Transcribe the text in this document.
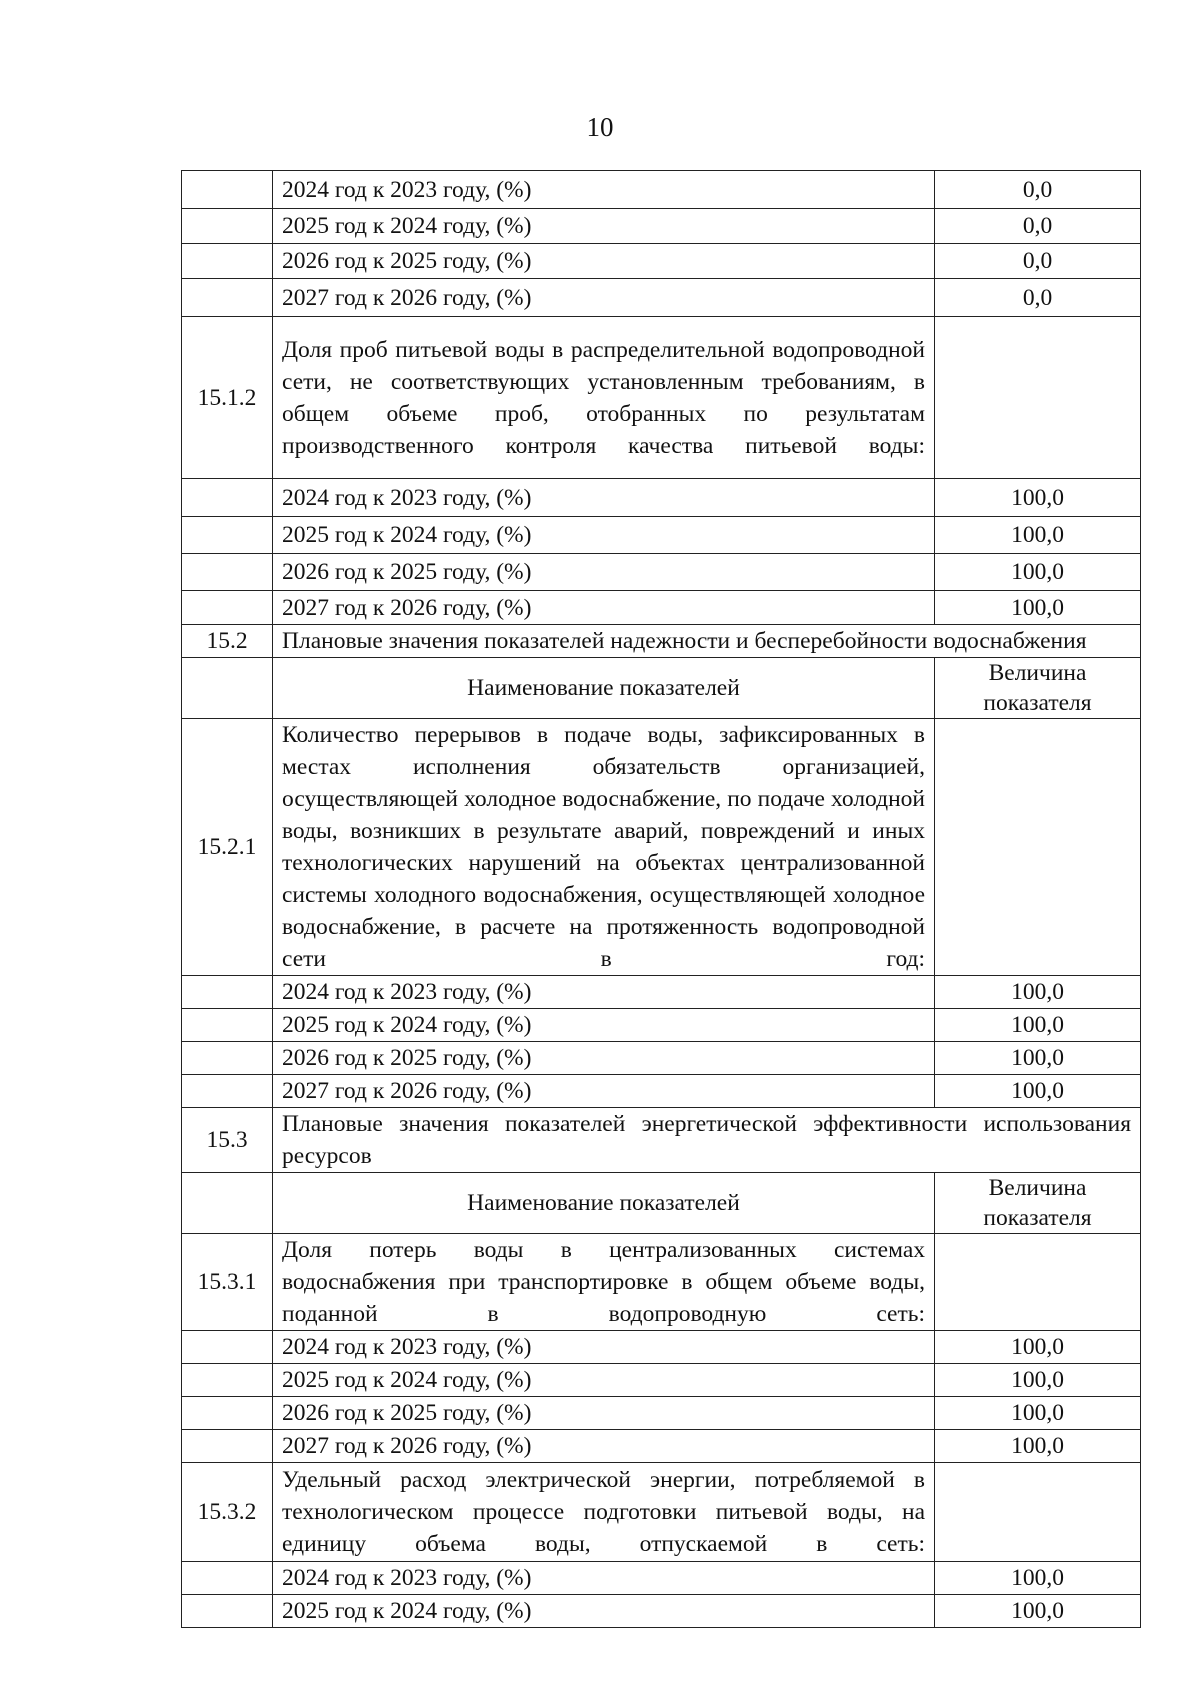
10
	2024 год к 2023 году, (%)	0,0
	2025 год к 2024 году, (%)	0,0
	2026 год к 2025 году, (%)	0,0
	2027 год к 2026 году, (%)	0,0
15.1.2	Доля проб питьевой воды в распределительной водопроводной сети, не соответствующих установленным требованиям, в общем объеме проб, отобранных по результатам производственного контроля качества питьевой воды:	
	2024 год к 2023 году, (%)	100,0
	2025 год к 2024 году, (%)	100,0
	2026 год к 2025 году, (%)	100,0
	2027 год к 2026 году, (%)	100,0
15.2	Плановые значения показателей надежности и бесперебойности водоснабжения	
	Наименование показателей	Величина показателя
15.2.1	Количество перерывов в подаче воды, зафиксированных в местах исполнения обязательств организацией, осуществляющей холодное водоснабжение, по подаче холодной воды, возникших в результате аварий, повреждений и иных технологических нарушений на объектах централизованной системы холодного водоснабжения, осуществляющей холодное водоснабжение, в расчете на протяженность водопроводной сети в год:	
	2024 год к 2023 году, (%)	100,0
	2025 год к 2024 году, (%)	100,0
	2026 год к 2025 году, (%)	100,0
	2027 год к 2026 году, (%)	100,0
15.3	Плановые значения показателей энергетической эффективности использования ресурсов	
	Наименование показателей	Величина показателя
15.3.1	Доля потерь воды в централизованных системах водоснабжения при транспортировке в общем объеме воды, поданной в водопроводную сеть:	
	2024 год к 2023 году, (%)	100,0
	2025 год к 2024 году, (%)	100,0
	2026 год к 2025 году, (%)	100,0
	2027 год к 2026 году, (%)	100,0
15.3.2	Удельный расход электрической энергии, потребляемой в технологическом процессе подготовки питьевой воды, на единицу объема воды, отпускаемой в сеть:	
	2024 год к 2023 году, (%)	100,0
	2025 год к 2024 году, (%)	100,0
